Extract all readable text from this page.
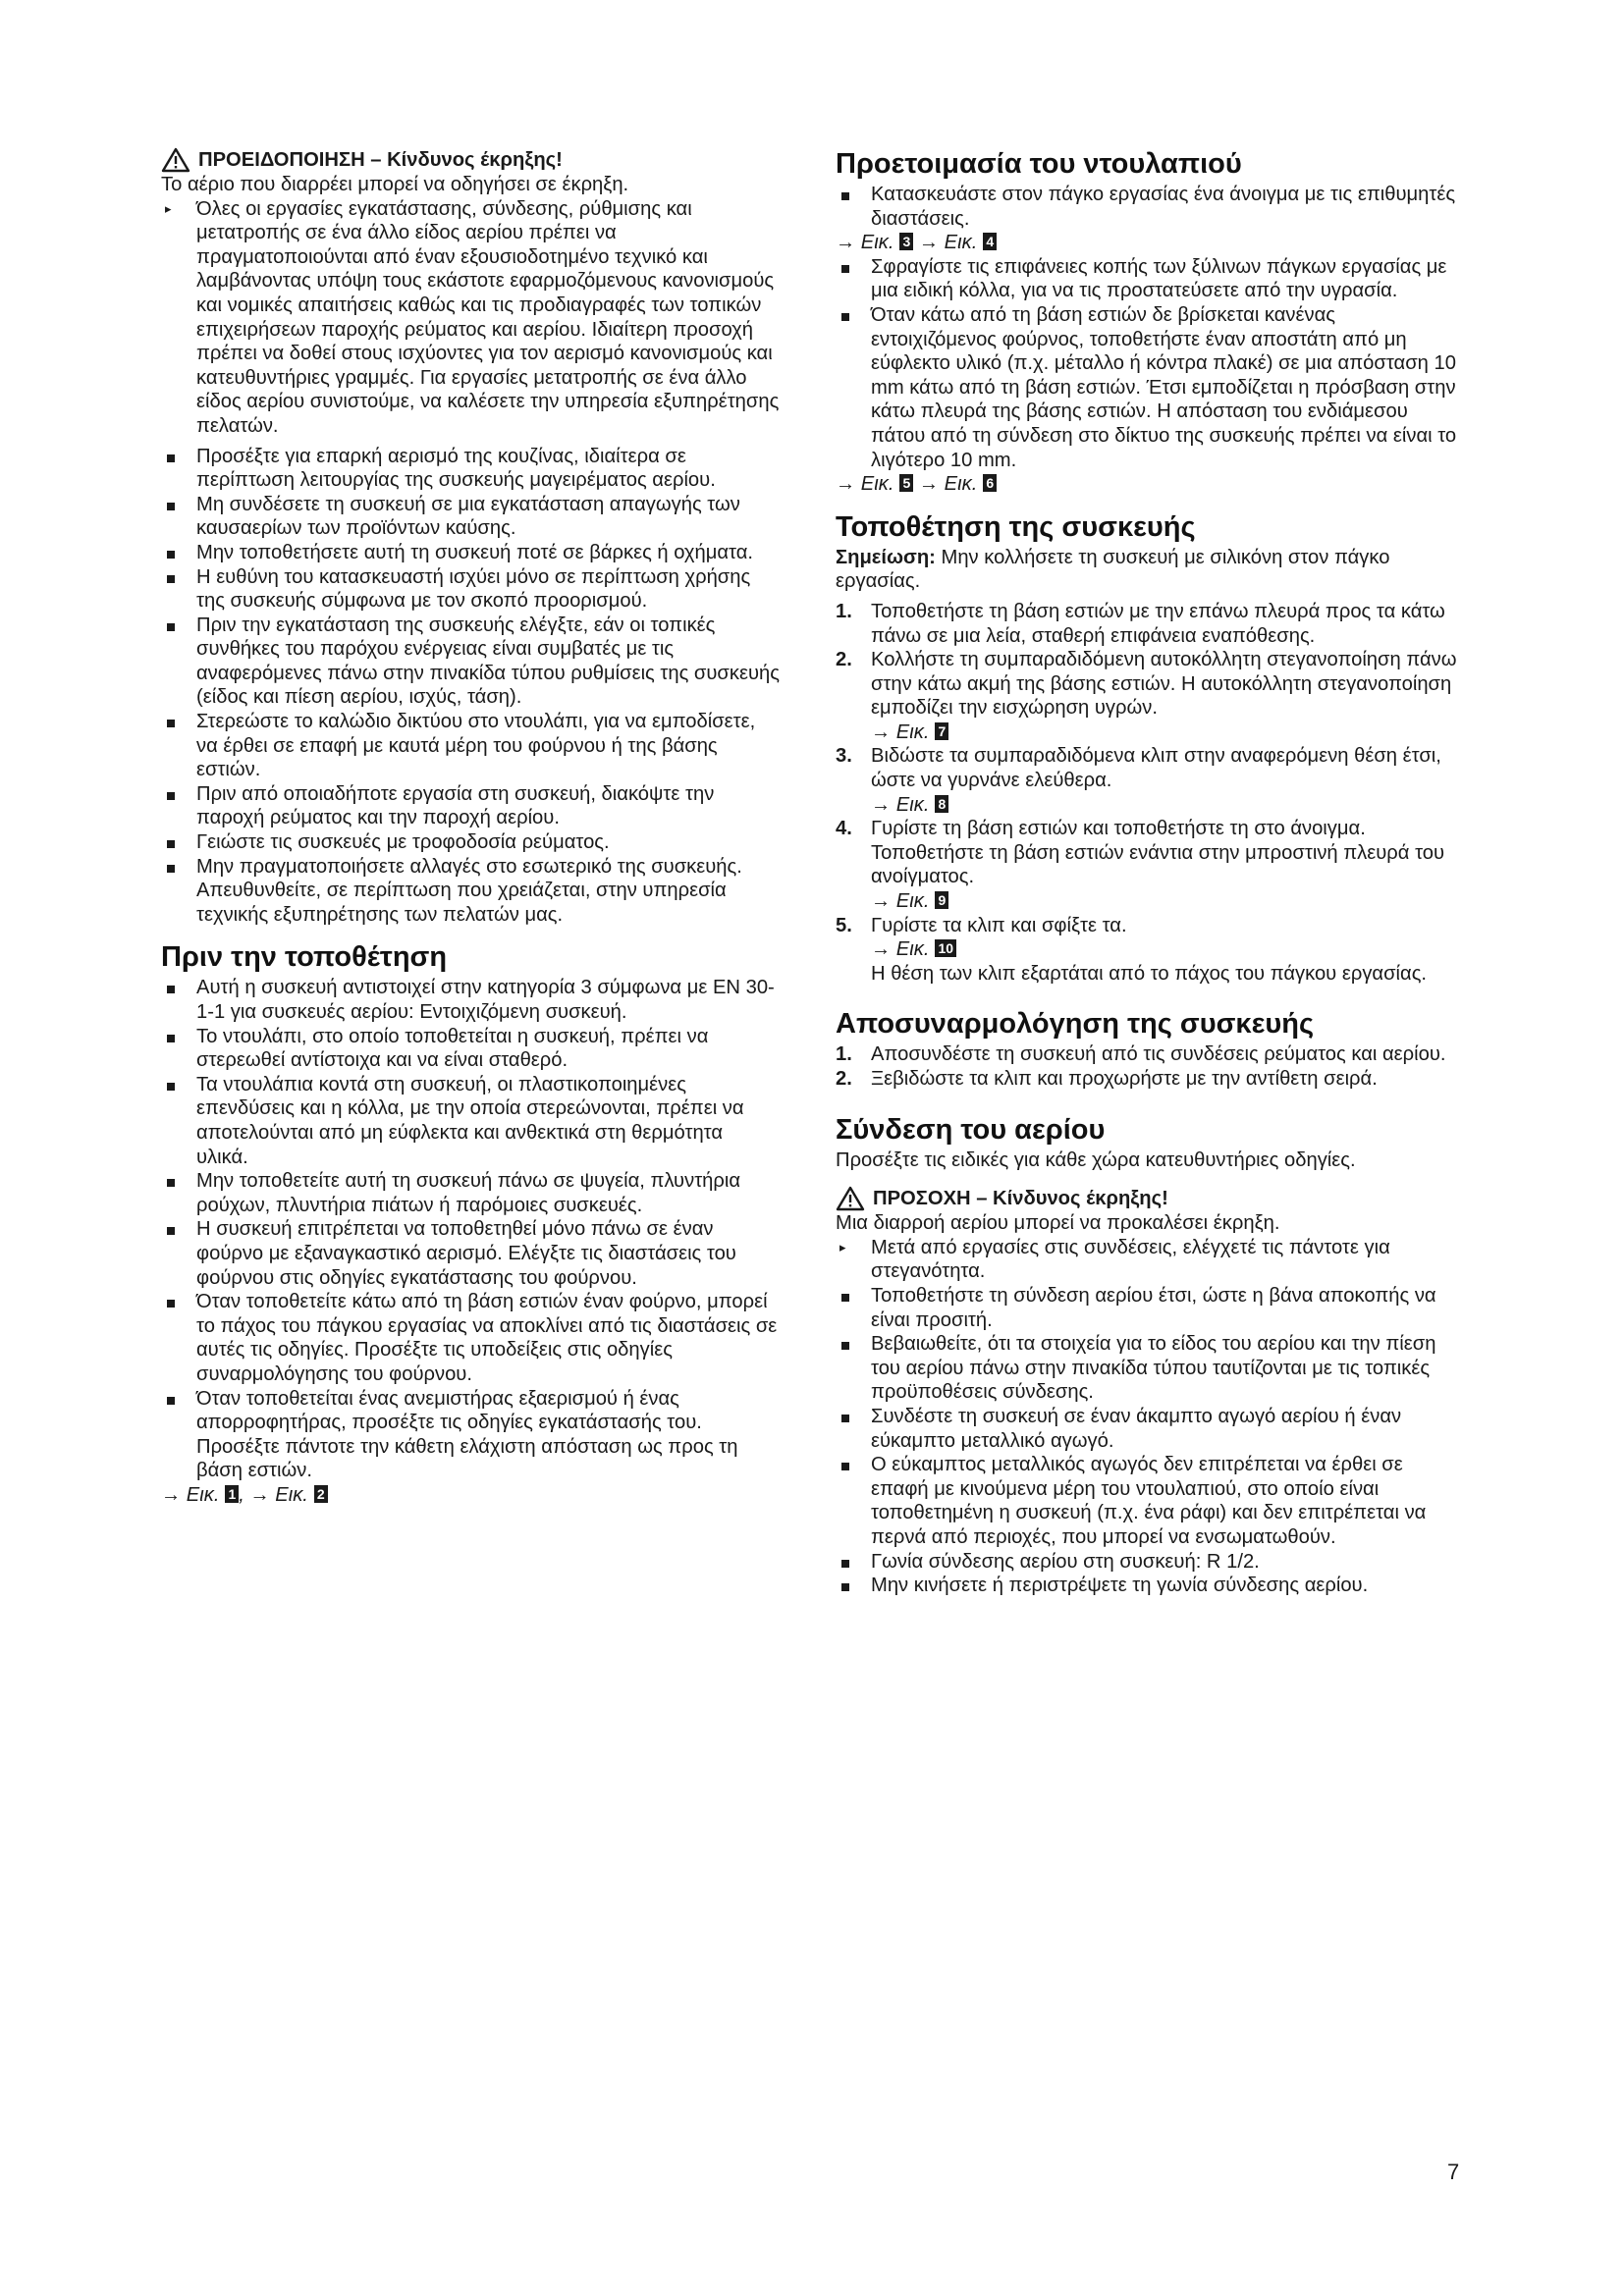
ΠΡΟΕΙΔΟΠΟΙΗΣΗ – Κίνδυνος έκρηξης!

Το αέριο που διαρρέει μπορεί να οδηγήσει σε έκρηξη.

▸ Όλες οι εργασίες εγκατάστασης, σύνδεσης, ρύθμισης και μετατροπής σε ένα άλλο είδος αερίου πρέπει να πραγματοποιούνται από έναν εξουσιοδοτημένο τεχνικό και λαμβάνοντας υπόψη τους εκάστοτε εφαρμοζόμενους κανονισμούς και νομικές απαιτήσεις καθώς και τις προδιαγραφές των τοπικών επιχειρήσεων παροχής ρεύματος και αερίου. Ιδιαίτερη προσοχή πρέπει να δοθεί στους ισχύοντες για τον αερισμό κανονισμούς και κατευθυντήριες γραμμές. Για εργασίες μετατροπής σε ένα άλλο είδος αερίου συνιστούμε, να καλέσετε την υπηρεσία εξυπηρέτησης πελατών.
Προσέξτε για επαρκή αερισμό της κουζίνας, ιδιαίτερα σε περίπτωση λειτουργίας της συσκευής μαγειρέματος αερίου.
Μη συνδέσετε τη συσκευή σε μια εγκατάσταση απαγωγής των καυσαερίων των προϊόντων καύσης.
Μην τοποθετήσετε αυτή τη συσκευή ποτέ σε βάρκες ή οχήματα.
Η ευθύνη του κατασκευαστή ισχύει μόνο σε περίπτωση χρήσης της συσκευής σύμφωνα με τον σκοπό προορισμού.
Πριν την εγκατάσταση της συσκευής ελέγξτε, εάν οι τοπικές συνθήκες του παρόχου ενέργειας είναι συμβατές με τις αναφερόμενες πάνω στην πινακίδα τύπου ρυθμίσεις της συσκευής (είδος και πίεση αερίου, ισχύς, τάση).
Στερεώστε το καλώδιο δικτύου στο ντουλάπι, για να εμποδίσετε, να έρθει σε επαφή με καυτά μέρη του φούρνου ή της βάσης εστιών.
Πριν από οποιαδήποτε εργασία στη συσκευή, διακόψτε την παροχή ρεύματος και την παροχή αερίου.
Γειώστε τις συσκευές με τροφοδοσία ρεύματος.
Μην πραγματοποιήσετε αλλαγές στο εσωτερικό της συσκευής. Απευθυνθείτε, σε περίπτωση που χρειάζεται, στην υπηρεσία τεχνικής εξυπηρέτησης των πελατών μας.
Πριν την τοποθέτηση
Αυτή η συσκευή αντιστοιχεί στην κατηγορία 3 σύμφωνα με EN 30-1-1 για συσκευές αερίου: Εντοιχιζόμενη συσκευή.
Το ντουλάπι, στο οποίο τοποθετείται η συσκευή, πρέπει να στερεωθεί αντίστοιχα και να είναι σταθερό.
Τα ντουλάπια κοντά στη συσκευή, οι πλαστικοποιημένες επενδύσεις και η κόλλα, με την οποία στερεώνονται, πρέπει να αποτελούνται από μη εύφλεκτα και ανθεκτικά στη θερμότητα υλικά.
Μην τοποθετείτε αυτή τη συσκευή πάνω σε ψυγεία, πλυντήρια ρούχων, πλυντήρια πιάτων ή παρόμοιες συσκευές.
Η συσκευή επιτρέπεται να τοποθετηθεί μόνο πάνω σε έναν φούρνο με εξαναγκαστικό αερισμό. Ελέγξτε τις διαστάσεις του φούρνου στις οδηγίες εγκατάστασης του φούρνου.
Όταν τοποθετείτε κάτω από τη βάση εστιών έναν φούρνο, μπορεί το πάχος του πάγκου εργασίας να αποκλίνει από τις διαστάσεις σε αυτές τις οδηγίες. Προσέξτε τις υποδείξεις στις οδηγίες συναρμολόγησης του φούρνου.
Όταν τοποθετείται ένας ανεμιστήρας εξαερισμού ή ένας απορροφητήρας, προσέξτε τις οδηγίες εγκατάστασής του. Προσέξτε πάντοτε την κάθετη ελάχιστη απόσταση ως προς τη βάση εστιών.
→ Εικ. 1 , → Εικ. 2
Προετοιμασία του ντουλαπιού
Κατασκευάστε στον πάγκο εργασίας ένα άνοιγμα με τις επιθυμητές διαστάσεις.
→ Εικ. 3 → Εικ. 4
Σφραγίστε τις επιφάνειες κοπής των ξύλινων πάγκων εργασίας με μια ειδική κόλλα, για να τις προστατεύσετε από την υγρασία.
Όταν κάτω από τη βάση εστιών δε βρίσκεται κανένας εντοιχιζόμενος φούρνος, τοποθετήστε έναν αποστάτη από μη εύφλεκτο υλικό (π.χ. μέταλλο ή κόντρα πλακέ) σε μια απόσταση 10 mm κάτω από τη βάση εστιών. Έτσι εμποδίζεται η πρόσβαση στην κάτω πλευρά της βάσης εστιών. Η απόσταση του ενδιάμεσου πάτου από τη σύνδεση στο δίκτυο της συσκευής πρέπει να είναι το λιγότερο 10 mm.
→ Εικ. 5 → Εικ. 6
Τοποθέτηση της συσκευής

Σημείωση: Μην κολλήσετε τη συσκευή με σιλικόνη στον πάγκο εργασίας.

1. Τοποθετήστε τη βάση εστιών με την επάνω πλευρά προς τα κάτω πάνω σε μια λεία, σταθερή επιφάνεια εναπόθεσης.
2. Κολλήστε τη συμπαραδιδόμενη αυτοκόλλητη στεγανοποίηση πάνω στην κάτω ακμή της βάσης εστιών. Η αυτοκόλλητη στεγανοποίηση εμποδίζει την εισχώρηση υγρών.
→ Εικ. 7
3. Βιδώστε τα συμπαραδιδόμενα κλιπ στην αναφερόμενη θέση έτσι, ώστε να γυρνάνε ελεύθερα.
→ Εικ. 8
4. Γυρίστε τη βάση εστιών και τοποθετήστε τη στο άνοιγμα. Τοποθετήστε τη βάση εστιών ενάντια στην μπροστινή πλευρά του ανοίγματος.
→ Εικ. 9
5. Γυρίστε τα κλιπ και σφίξτε τα.
→ Εικ. 10
Η θέση των κλιπ εξαρτάται από το πάχος του πάγκου εργασίας.
Αποσυναρμολόγηση της συσκευής
1. Αποσυνδέστε τη συσκευή από τις συνδέσεις ρεύματος και αερίου.
2. Ξεβιδώστε τα κλιπ και προχωρήστε με την αντίθετη σειρά.
Σύνδεση του αερίου

Προσέξτε τις ειδικές για κάθε χώρα κατευθυντήριες οδηγίες.

ΠΡΟΣΟΧΗ – Κίνδυνος έκρηξης!

Μια διαρροή αερίου μπορεί να προκαλέσει έκρηξη.

▸ Μετά από εργασίες στις συνδέσεις, ελέγχετέ τις πάντοτε για στεγανότητα.
Τοποθετήστε τη σύνδεση αερίου έτσι, ώστε η βάνα αποκοπής να είναι προσιτή.
Βεβαιωθείτε, ότι τα στοιχεία για το είδος του αερίου και την πίεση του αερίου πάνω στην πινακίδα τύπου ταυτίζονται με τις τοπικές προϋποθέσεις σύνδεσης.
Συνδέστε τη συσκευή σε έναν άκαμπτο αγωγό αερίου ή έναν εύκαμπτο μεταλλικό αγωγό.
Ο εύκαμπτος μεταλλικός αγωγός δεν επιτρέπεται να έρθει σε επαφή με κινούμενα μέρη του ντουλαπιού, στο οποίο είναι τοποθετημένη η συσκευή (π.χ. ένα ράφι) και δεν επιτρέπεται να περνά από περιοχές, που μπορεί να ενσωματωθούν.
Γωνία σύνδεσης αερίου στη συσκευή: R 1/2.
Μην κινήσετε ή περιστρέψετε τη γωνία σύνδεσης αερίου.
7
